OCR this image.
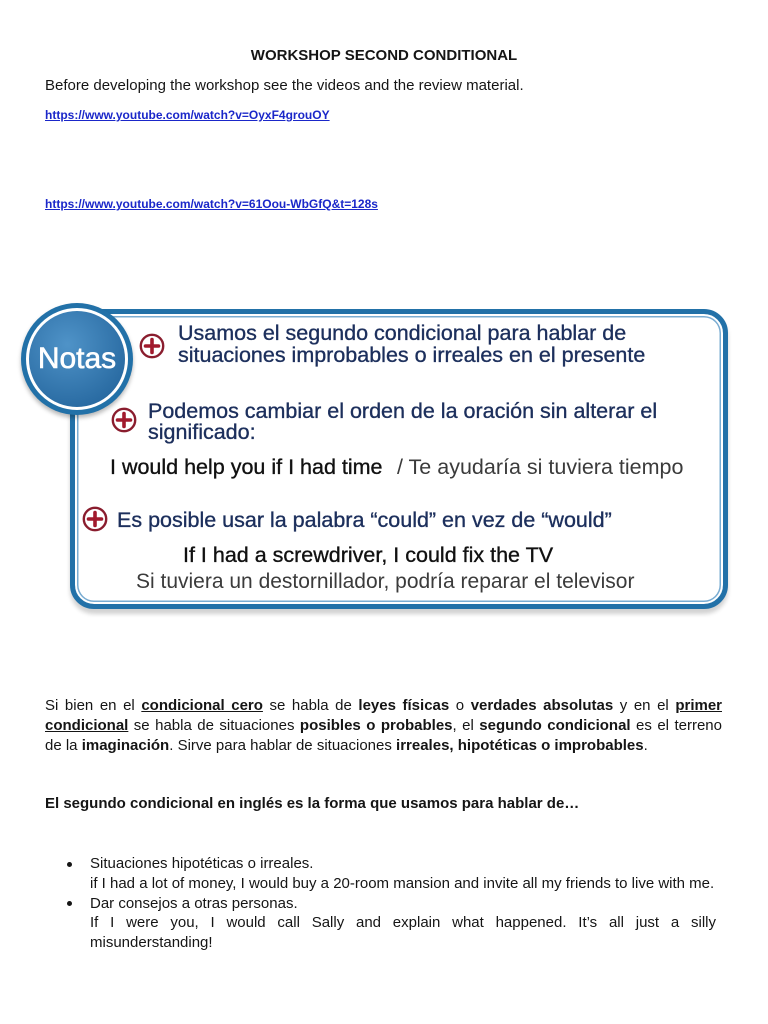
WORKSHOP SECOND CONDITIONAL
Before developing the workshop see the videos and the review material.
https://www.youtube.com/watch?v=OyxF4grouOY
https://www.youtube.com/watch?v=61Oou-WbGfQ&t=128s
Notas
Usamos el segundo condicional para hablar de
situaciones improbables o irreales en el presente
Podemos cambiar el orden de la oración sin alterar el
significado:
I would help you if I had time / Te ayudaría si tuviera tiempo
Es posible usar la palabra “could” en vez de “would”
If I had a screwdriver, I could fix the TV
Si tuviera un destornillador, podría reparar el televisor
Si bien en el condicional cero se habla de leyes físicas o verdades absolutas y en el primer condicional se habla de situaciones posibles o probables, el segundo condicional es el terreno de la imaginación. Sirve para hablar de situaciones irreales, hipotéticas o improbables.
El segundo condicional en inglés es la forma que usamos para hablar de…
Situaciones hipotéticas o irreales.
if I had a lot of money, I would buy a 20-room mansion and invite all my friends to live with me.
Dar consejos a otras personas.
If I were you, I would call Sally and explain what happened. It’s all just a silly misunderstanding!
